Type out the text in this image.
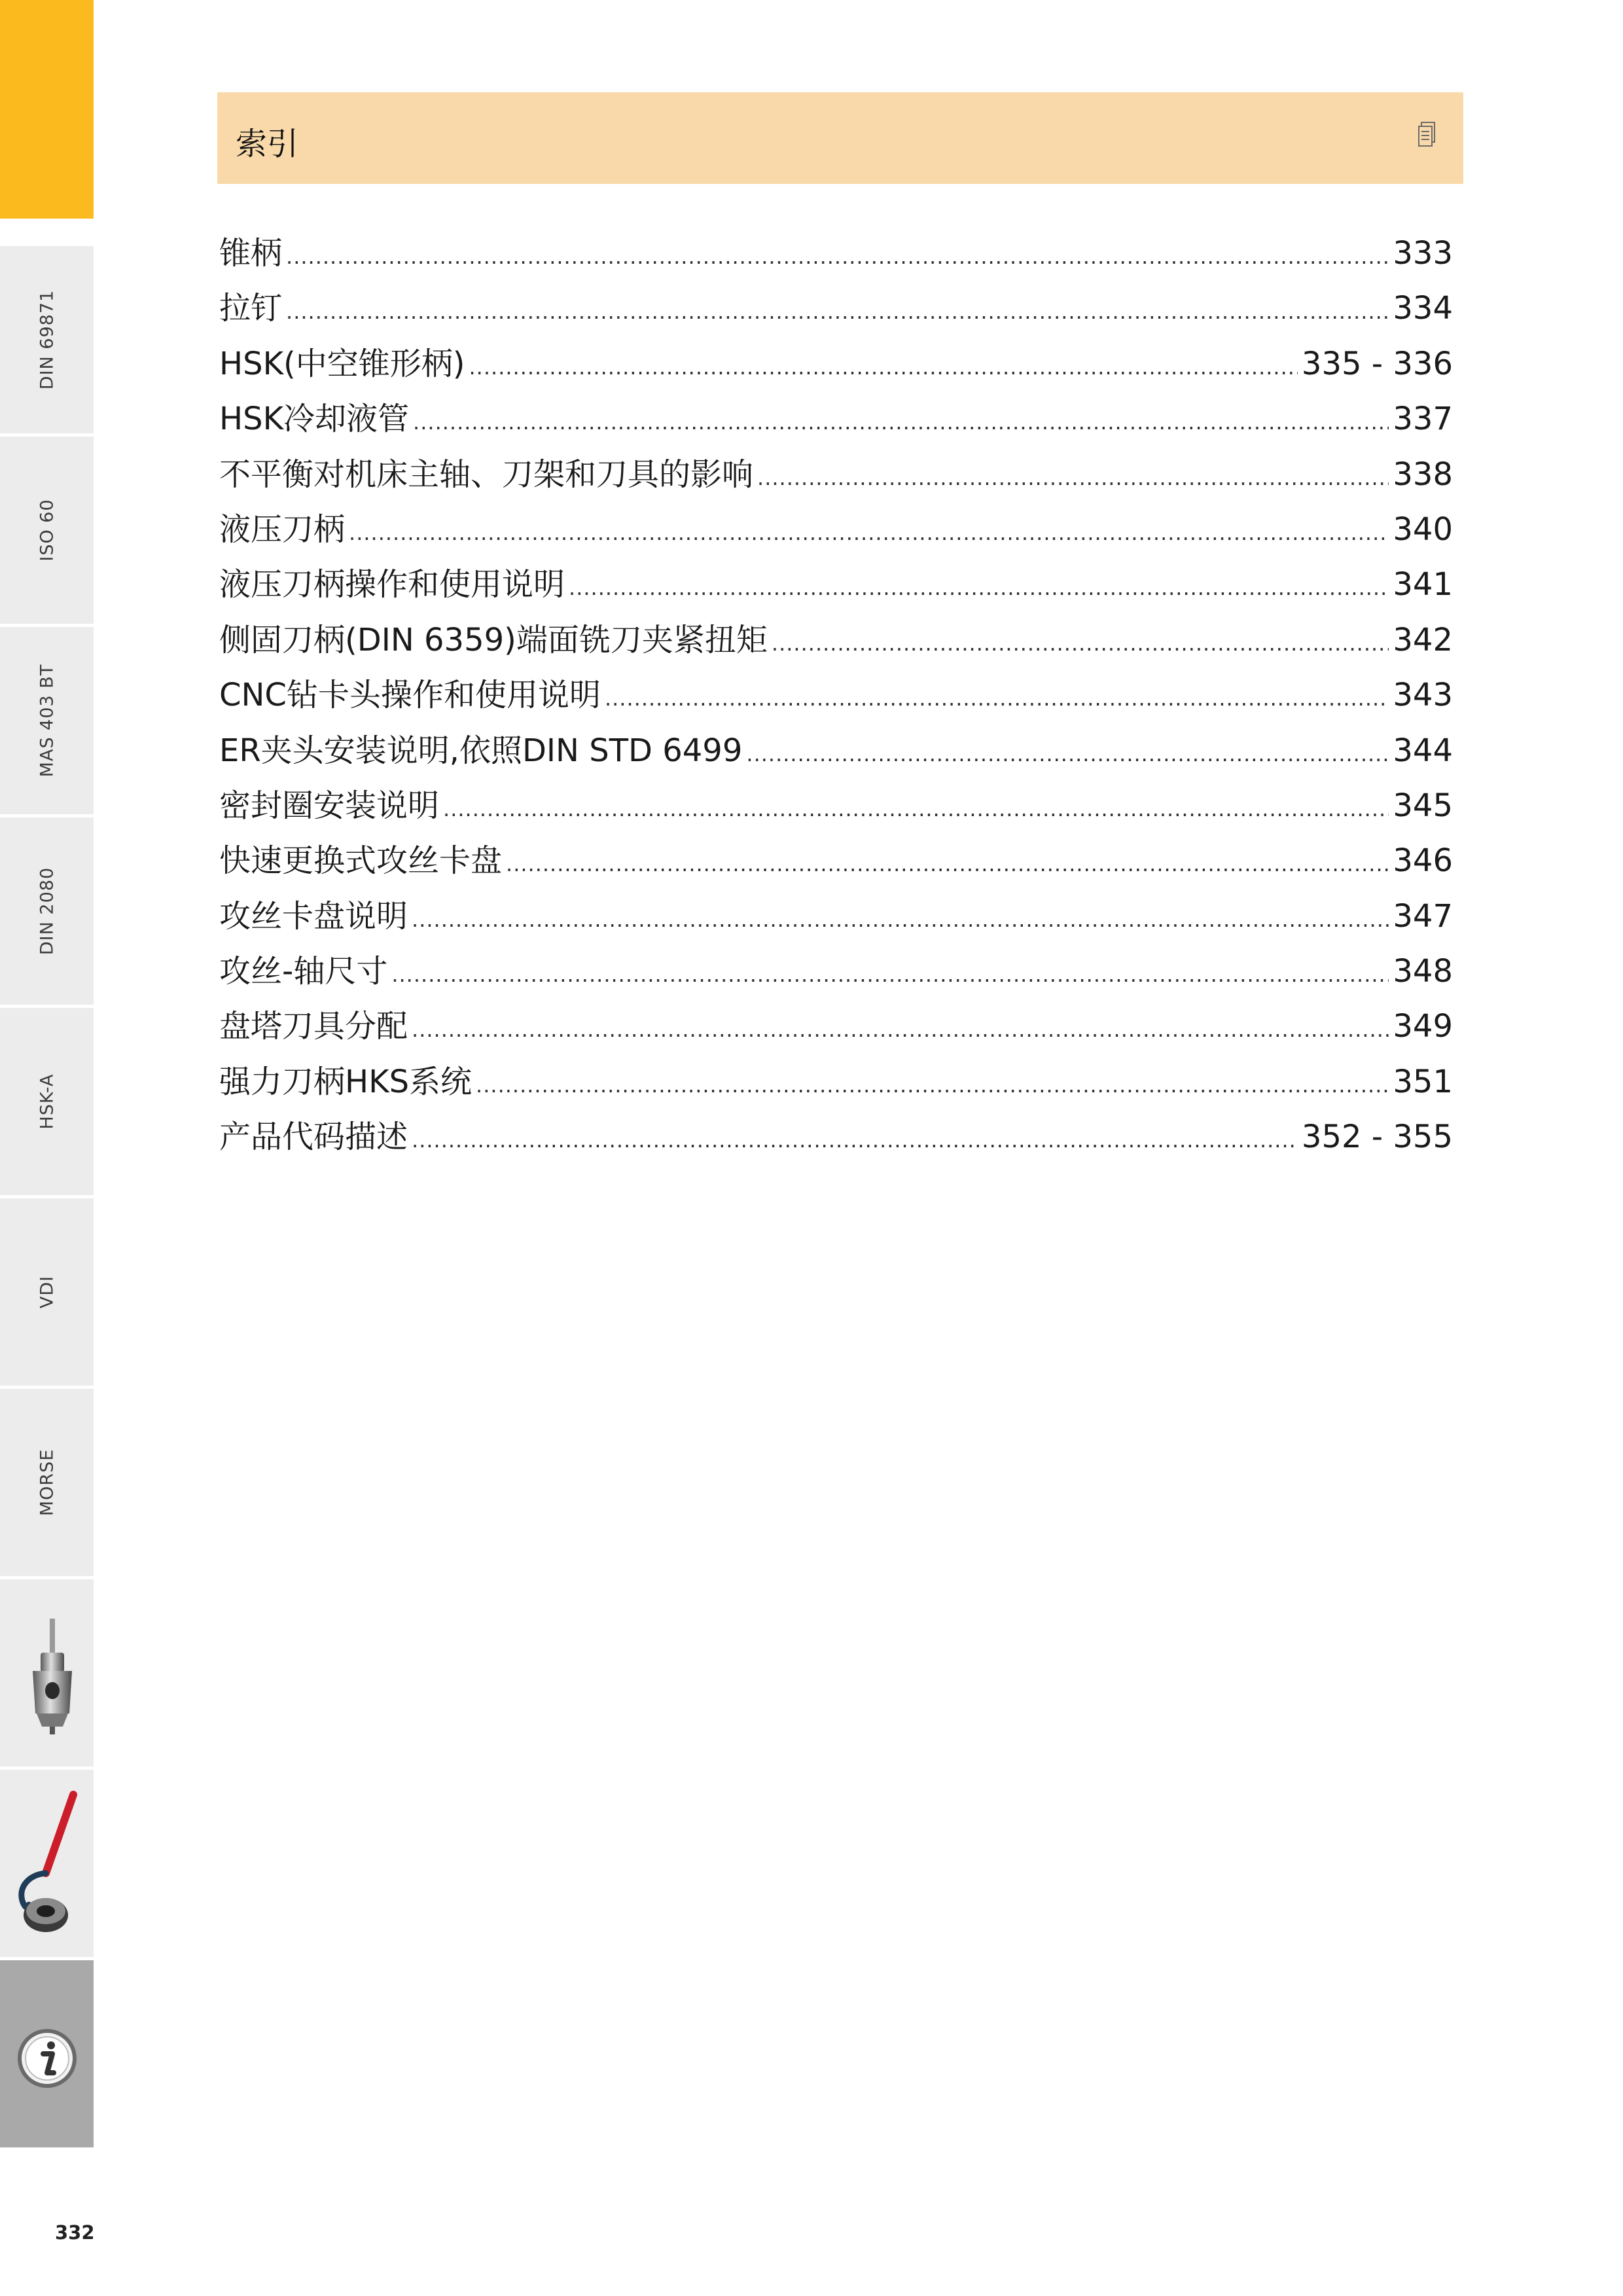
DIN 69871
ISO 60
MAS 403 BT
DIN 2080
HSK-A
VDI
MORSE
332
索引
锥柄 .....	333
拉钉 .....	334
HSK(中空锥形柄) .....	335 - 336
HSK冷却液管 .....	337
不平衡对机床主轴、刀架和刀具的影响 .....	338
液压刀柄 .....	340
液压刀柄操作和使用说明 .....	341
侧固刀柄(DIN 6359)端面铣刀夹紧扭矩 .....	342
CNC钻卡头操作和使用说明 .....	343
ER夹头安装说明,依照DIN STD 6499 .....	344
密封圈安装说明 .....	345
快速更换式攻丝卡盘 .....	346
攻丝卡盘说明 .....	347
攻丝-轴尺寸 .....	348
盘塔刀具分配 .....	349
强力刀柄HKS系统 .....	351
产品代码描述 .....	352 - 355
